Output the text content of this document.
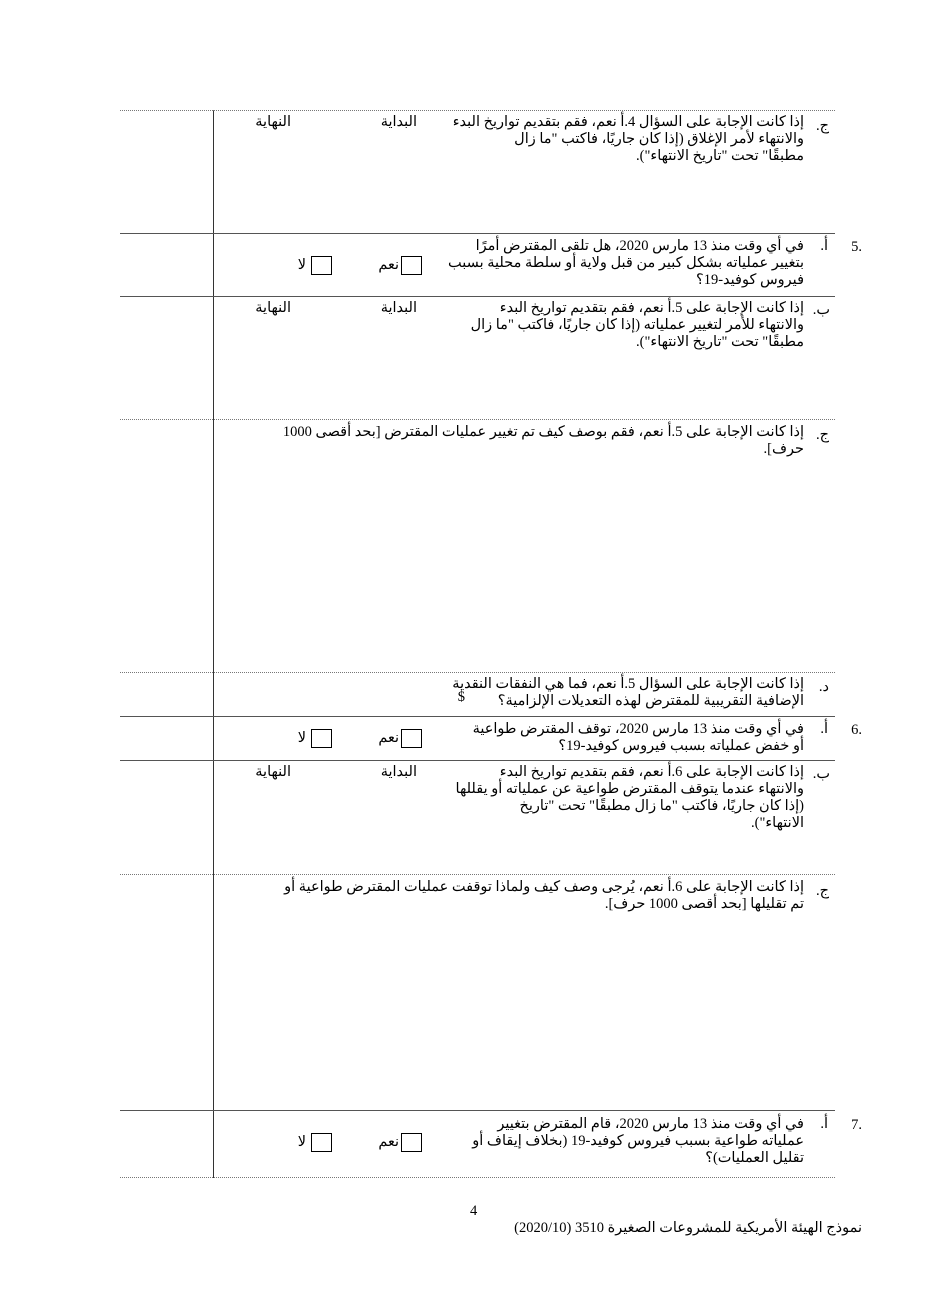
ج.
إذا كانت الإجابة على السؤال 4.أ نعم، فقم بتقديم تواريخ البدء
والانتهاء لأمر الإغلاق (إذا كان جاريًا، فاكتب "ما زال
مطبقًا" تحت "تاريخ الانتهاء").
البداية
النهاية
.5
أ.
في أي وقت منذ 13 مارس 2020، هل تلقى المقترض أمرًا
بتغيير عملياته بشكل كبير من قبل ولاية أو سلطة محلية بسبب
فيروس كوفيد-19؟
نعم
لا
ب.
إذا كانت الإجابة على 5.أ نعم، فقم بتقديم تواريخ البدء
والانتهاء للأمر لتغيير عملياته (إذا كان جاريًا، فاكتب "ما زال
مطبقًا" تحت "تاريخ الانتهاء").
البداية
النهاية
ج.
إذا كانت الإجابة على 5.أ نعم، فقم بوصف كيف تم تغيير عمليات المقترض [بحد أقصى 1000 حرف].
د.
إذا كانت الإجابة على السؤال 5.أ نعم، فما هي النفقات النقدية
الإضافية التقريبية للمقترض لهذه التعديلات الإلزامية؟
$
.6
أ.
في أي وقت منذ 13 مارس 2020، توقف المقترض طواعية
أو خفض عملياته بسبب فيروس كوفيد-19؟
نعم
لا
ب.
إذا كانت الإجابة على 6.أ نعم، فقم بتقديم تواريخ البدء
والانتهاء عندما يتوقف المقترض طواعية عن عملياته أو يقللها
(إذا كان جاريًا، فاكتب "ما زال مطبقًا" تحت "تاريخ
الانتهاء").
البداية
النهاية
ج.
إذا كانت الإجابة على 6.أ نعم، يُرجى وصف كيف ولماذا توقفت عمليات المقترض طواعية أو
تم تقليلها [بحد أقصى 1000 حرف].
.7
أ.
في أي وقت منذ 13 مارس 2020، قام المقترض بتغيير
عملياته طواعية بسبب فيروس كوفيد-19 (بخلاف إيقاف أو
تقليل العمليات)؟
نعم
لا
4
نموذج الهيئة الأمريكية للمشروعات الصغيرة 3510 (2020/10)
